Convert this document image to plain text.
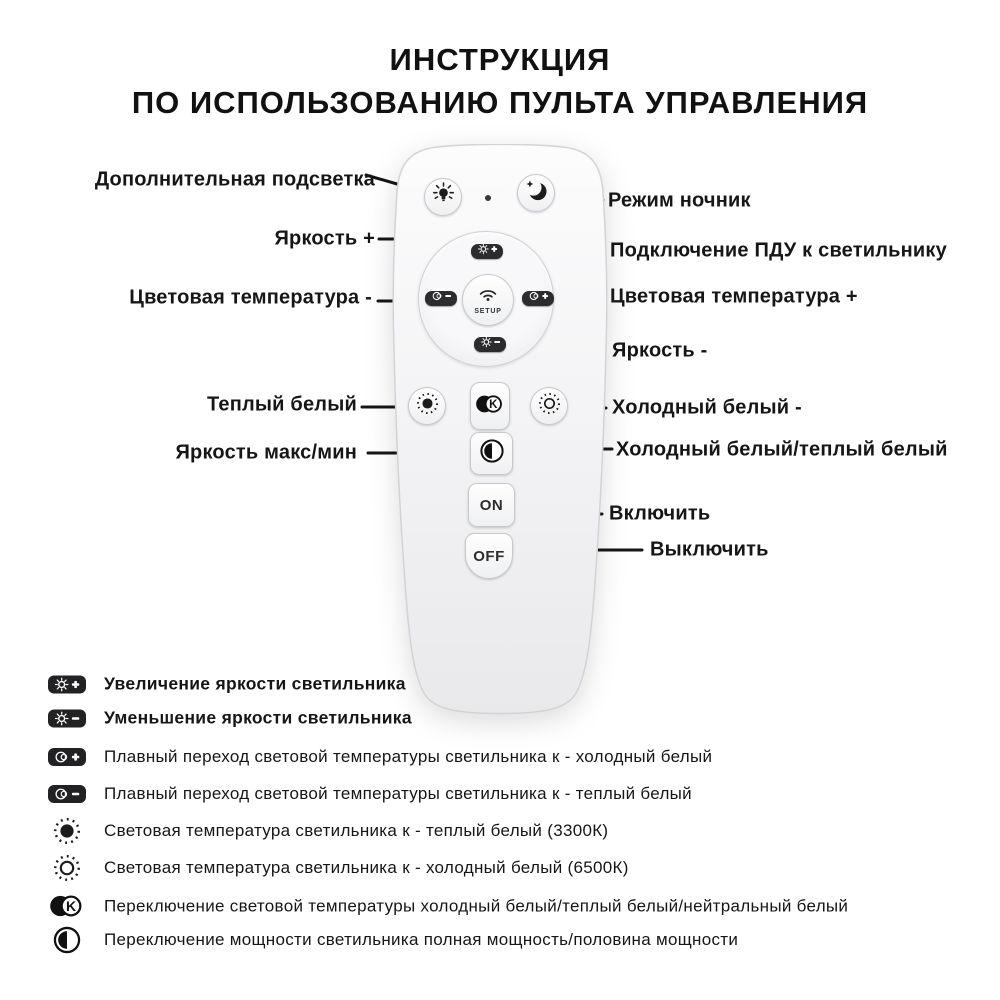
ИНСТРУКЦИЯ
ПО ИСПОЛЬЗОВАНИЮ ПУЛЬТА УПРАВЛЕНИЯ
SETUP
K
ON
OFF
Дополнительная подсветка
Яркость +
Цветовая температура -
Теплый белый
Яркость макс/мин
Режим ночник
Подключение ПДУ к светильнику
Цветовая температура +
Яркость -
Холодный белый -
Холодный белый/теплый белый
Включить
Выключить
Увеличение яркости светильника
Уменьшение яркости светильника
Плавный переход световой температуры светильника к - холодный белый
Плавный переход световой температуры светильника к - теплый белый
Световая температура светильника к - теплый белый (3300К)
Световая температура светильника к - холодный белый (6500К)
K Переключение световой температуры холодный белый/теплый белый/нейтральный белый
Переключение мощности светильника полная мощность/половина мощности
